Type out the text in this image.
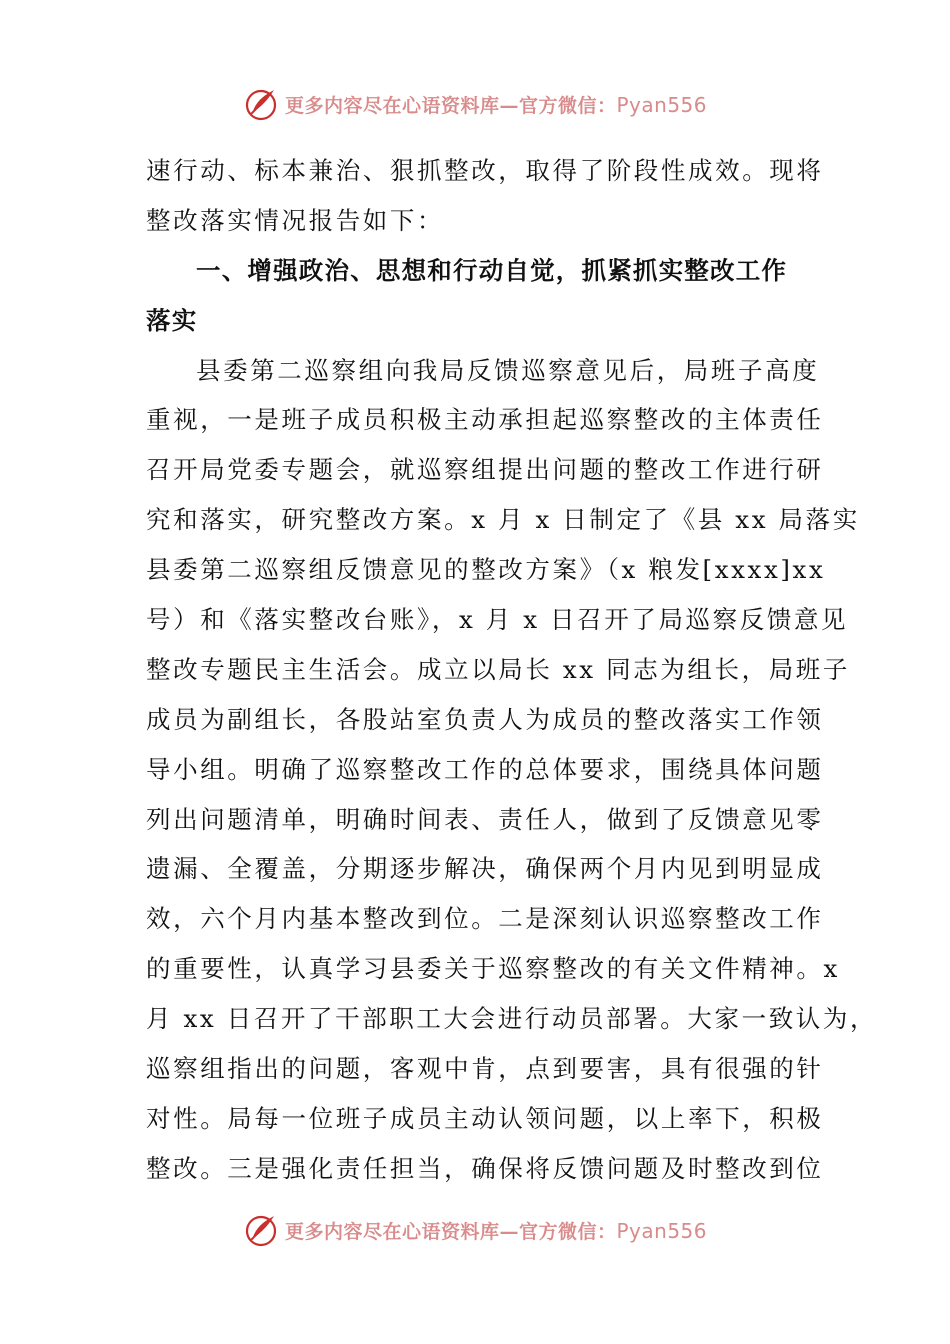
更多内容尽在心语资料库—官方微信：Pyan556
速行动、标本兼治、狠抓整改，取得了阶段性成效。现将
整改落实情况报告如下：
一、增强政治、思想和行动自觉，抓紧抓实整改工作
落实
县委第二巡察组向我局反馈巡察意见后，局班子高度
重视，一是班子成员积极主动承担起巡察整改的主体责任
召开局党委专题会，就巡察组提出问题的整改工作进行研
究和落实，研究整改方案。x 月 x 日制定了《县 xx 局落实
县委第二巡察组反馈意见的整改方案》（x 粮发[xxxx]xx
号）和《落实整改台账》，x 月 x 日召开了局巡察反馈意见
整改专题民主生活会。成立以局长 xx 同志为组长，局班子
成员为副组长，各股站室负责人为成员的整改落实工作领
导小组。明确了巡察整改工作的总体要求，围绕具体问题
列出问题清单，明确时间表、责任人，做到了反馈意见零
遗漏、全覆盖，分期逐步解决，确保两个月内见到明显成
效，六个月内基本整改到位。二是深刻认识巡察整改工作
的重要性，认真学习县委关于巡察整改的有关文件精神。x
月 xx 日召开了干部职工大会进行动员部署。大家一致认为，
巡察组指出的问题，客观中肯，点到要害，具有很强的针
对性。局每一位班子成员主动认领问题，以上率下，积极
整改。三是强化责任担当，确保将反馈问题及时整改到位
更多内容尽在心语资料库—官方微信：Pyan556
